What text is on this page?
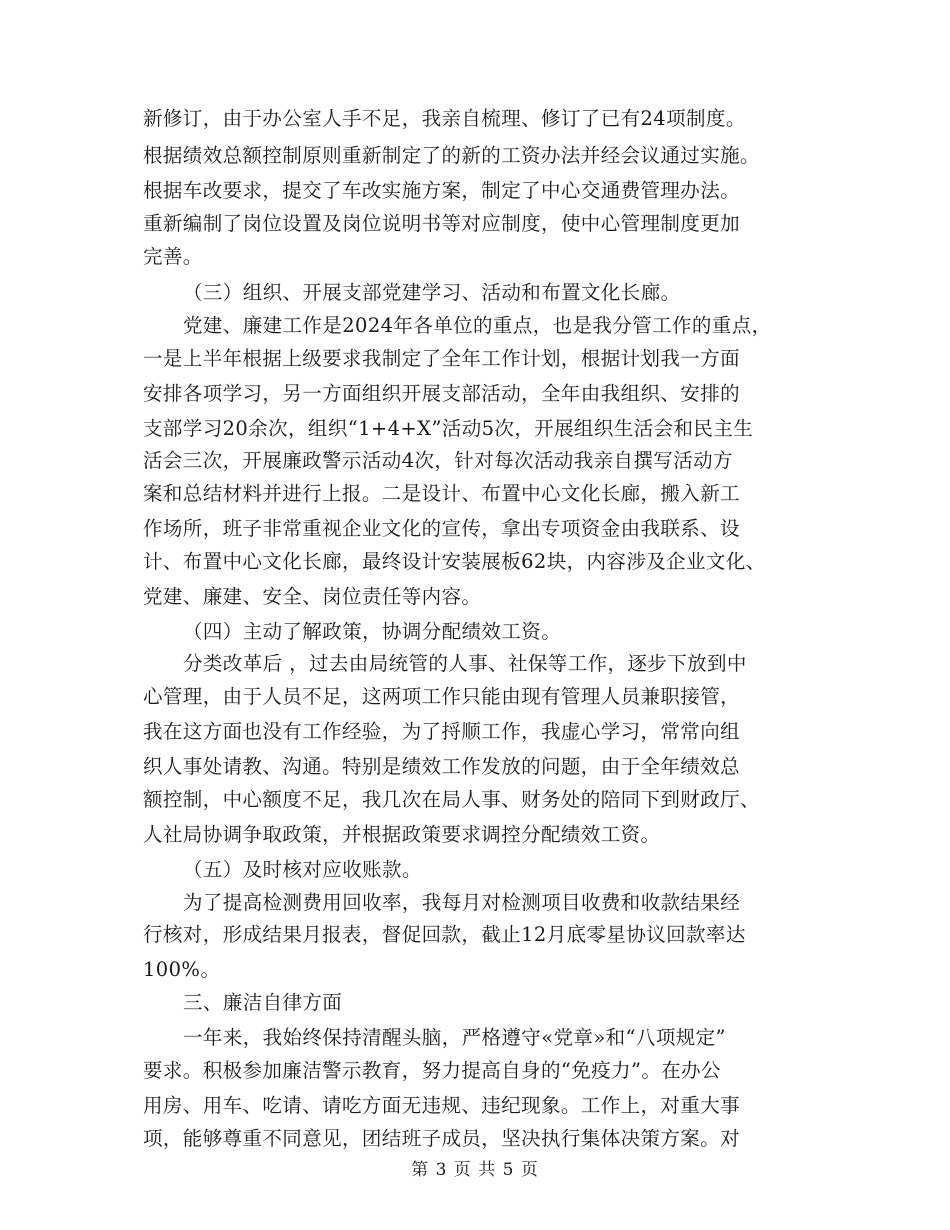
新修订，由于办公室人手不足，我亲自梳理、修订了已有24项制度。
根据绩效总额控制原则重新制定了的新的工资办法并经会议通过实施。
根据车改要求，提交了车改实施方案，制定了中心交通费管理办法。
重新编制了岗位设置及岗位说明书等对应制度，使中心管理制度更加
完善。
（三）组织、开展支部党建学习、活动和布置文化长廊。
党建、廉建工作是2024年各单位的重点，也是我分管工作的重点，
一是上半年根据上级要求我制定了全年工作计划，根据计划我一方面
安排各项学习，另一方面组织开展支部活动，全年由我组织、安排的
支部学习20余次，组织“1+4+X”活动5次，开展组织生活会和民主生
活会三次，开展廉政警示活动4次，针对每次活动我亲自撰写活动方
案和总结材料并进行上报。二是设计、布置中心文化长廊，搬入新工
作场所，班子非常重视企业文化的宣传，拿出专项资金由我联系、设
计、布置中心文化长廊，最终设计安装展板62块，内容涉及企业文化、
党建、廉建、安全、岗位责任等内容。
（四）主动了解政策，协调分配绩效工资。
分类改革后 ，过去由局统管的人事、社保等工作，逐步下放到中
心管理，由于人员不足，这两项工作只能由现有管理人员兼职接管，
我在这方面也没有工作经验，为了捋顺工作，我虚心学习，常常向组
织人事处请教、沟通。特别是绩效工作发放的问题，由于全年绩效总
额控制，中心额度不足，我几次在局人事、财务处的陪同下到财政厅、
人社局协调争取政策，并根据政策要求调控分配绩效工资。
（五）及时核对应收账款。
为了提高检测费用回收率，我每月对检测项目收费和收款结果经
行核对，形成结果月报表，督促回款，截止12月底零星协议回款率达
100%。
三、廉洁自律方面
一年来，我始终保持清醒头脑，严格遵守«党章»和“八项规定”
要求。积极参加廉洁警示教育，努力提高自身的“免疫力”。在办公
用房、用车、吃请、请吃方面无违规、违纪现象。工作上，对重大事
项，能够尊重不同意见，团结班子成员，坚决执行集体决策方案。对
第 3 页 共 5 页
